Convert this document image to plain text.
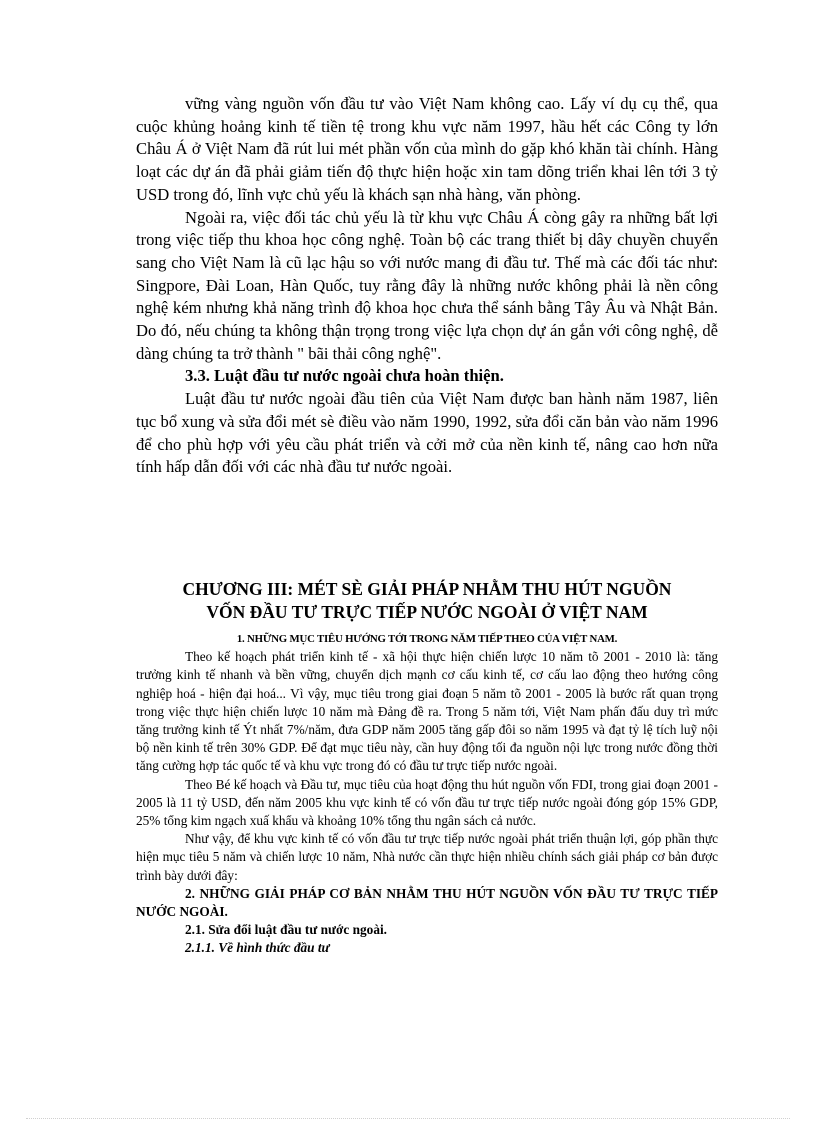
vững vàng nguồn vốn đầu tư vào Việt Nam không cao. Lấy ví dụ cụ thể, qua cuộc khủng hoảng kinh tế tiền tệ trong khu vực năm 1997, hầu hết các Công ty lớn Châu Á ở Việt Nam đã rút lui mét phần vốn của mình do gặp khó khăn tài chính. Hàng loạt các dự án đã phải giảm tiến độ thực hiện hoặc xin tam dõng triển khai lên tới 3 tỷ USD trong đó, lĩnh vực chủ yếu là khách sạn nhà hàng, văn phòng.

Ngoài ra, việc đối tác chủ yếu là từ khu vực Châu Á còng gây ra những bất lợi trong việc tiếp thu khoa học công nghệ. Toàn bộ các trang thiết bị dây chuyền chuyển sang cho Việt Nam là cũ lạc hậu so với nước mang đi đầu tư. Thế mà các đối tác như: Singpore, Đài Loan, Hàn Quốc, tuy rằng đây là những nước không phải là nền công nghệ kém nhưng khả năng trình độ khoa học chưa thể sánh bằng Tây Âu và Nhật Bản. Do đó, nếu chúng ta không thận trọng trong việc lựa chọn dự án gắn với công nghệ, dễ dàng chúng ta trở thành " bãi thải công nghệ".

3.3. Luật đầu tư nước ngoài chưa hoàn thiện.

Luật đầu tư nước ngoài đầu tiên của Việt Nam được ban hành năm 1987, liên tục bổ xung và sửa đổi mét sè điều vào năm 1990, 1992, sửa đổi căn bản vào năm 1996 để cho phù hợp với yêu cầu phát triển và cởi mở của nền kinh tế, nâng cao hơn nữa tính hấp dẫn đối với các nhà đầu tư nước ngoài.

CHƯƠNG III: MÉT SÈ GIẢI PHÁP NHẰM THU HÚT NGUỒN
VỐN ĐẦU TƯ TRỰC TIẾP NƯỚC NGOÀI Ở VIỆT NAM

1. NHỮNG MỤC TIÊU HƯỚNG TỚI TRONG NĂM TIẾP THEO CỦA VIỆT NAM.

Theo kế hoạch phát triển kinh tế - xã hội thực hiện chiến lược 10 năm tõ 2001 - 2010 là: tăng trưởng kinh tế nhanh và bền vững, chuyển dịch mạnh cơ cấu kinh tế, cơ cấu lao động theo hướng công nghiệp hoá - hiện đại hoá... Vì vậy, mục tiêu trong giai đoạn 5 năm tõ 2001 - 2005 là bước rất quan trọng trong việc thực hiện chiến lược 10 năm mà Đảng đề ra. Trong 5 năm tới, Việt Nam phấn đấu duy trì mức tăng trưởng kinh tế Ýt nhất 7%/năm, đưa GDP năm 2005 tăng gấp đôi so năm 1995 và đạt tỷ lệ tích luỹ nội bộ nền kinh tế trên 30% GDP. Để đạt mục tiêu này, cần huy động tối đa nguồn nội lực trong nước đồng thời tăng cường hợp tác quốc tế và khu vực trong đó có đầu tư trực tiếp nước ngoài.

Theo Bé kế hoạch và Đầu tư, mục tiêu của hoạt động thu hút nguồn vốn FDI, trong giai đoạn 2001 - 2005 là 11 tỷ USD, đến năm 2005 khu vực kinh tế có vốn đầu tư trực tiếp nước ngoài đóng góp 15% GDP, 25% tổng kim ngạch xuấ khẩu và khoảng 10% tổng thu ngân sách cả nước.

Như vậy, để khu vực kinh tế có vốn đầu tư trực tiếp nước ngoài phát triển thuận lợi, góp phần thực hiện mục tiêu 5 năm và chiến lược 10 năm, Nhà nước cần thực hiện nhiều chính sách giải pháp cơ bản được trình bày dưới đây:

2. NHỮNG GIẢI PHÁP CƠ BẢN NHẰM THU HÚT NGUỒN VỐN ĐẦU TƯ TRỰC TIẾP NƯỚC NGOÀI.

2.1. Sửa đổi luật đầu tư nước ngoài.

2.1.1. Về hình thức đầu tư
